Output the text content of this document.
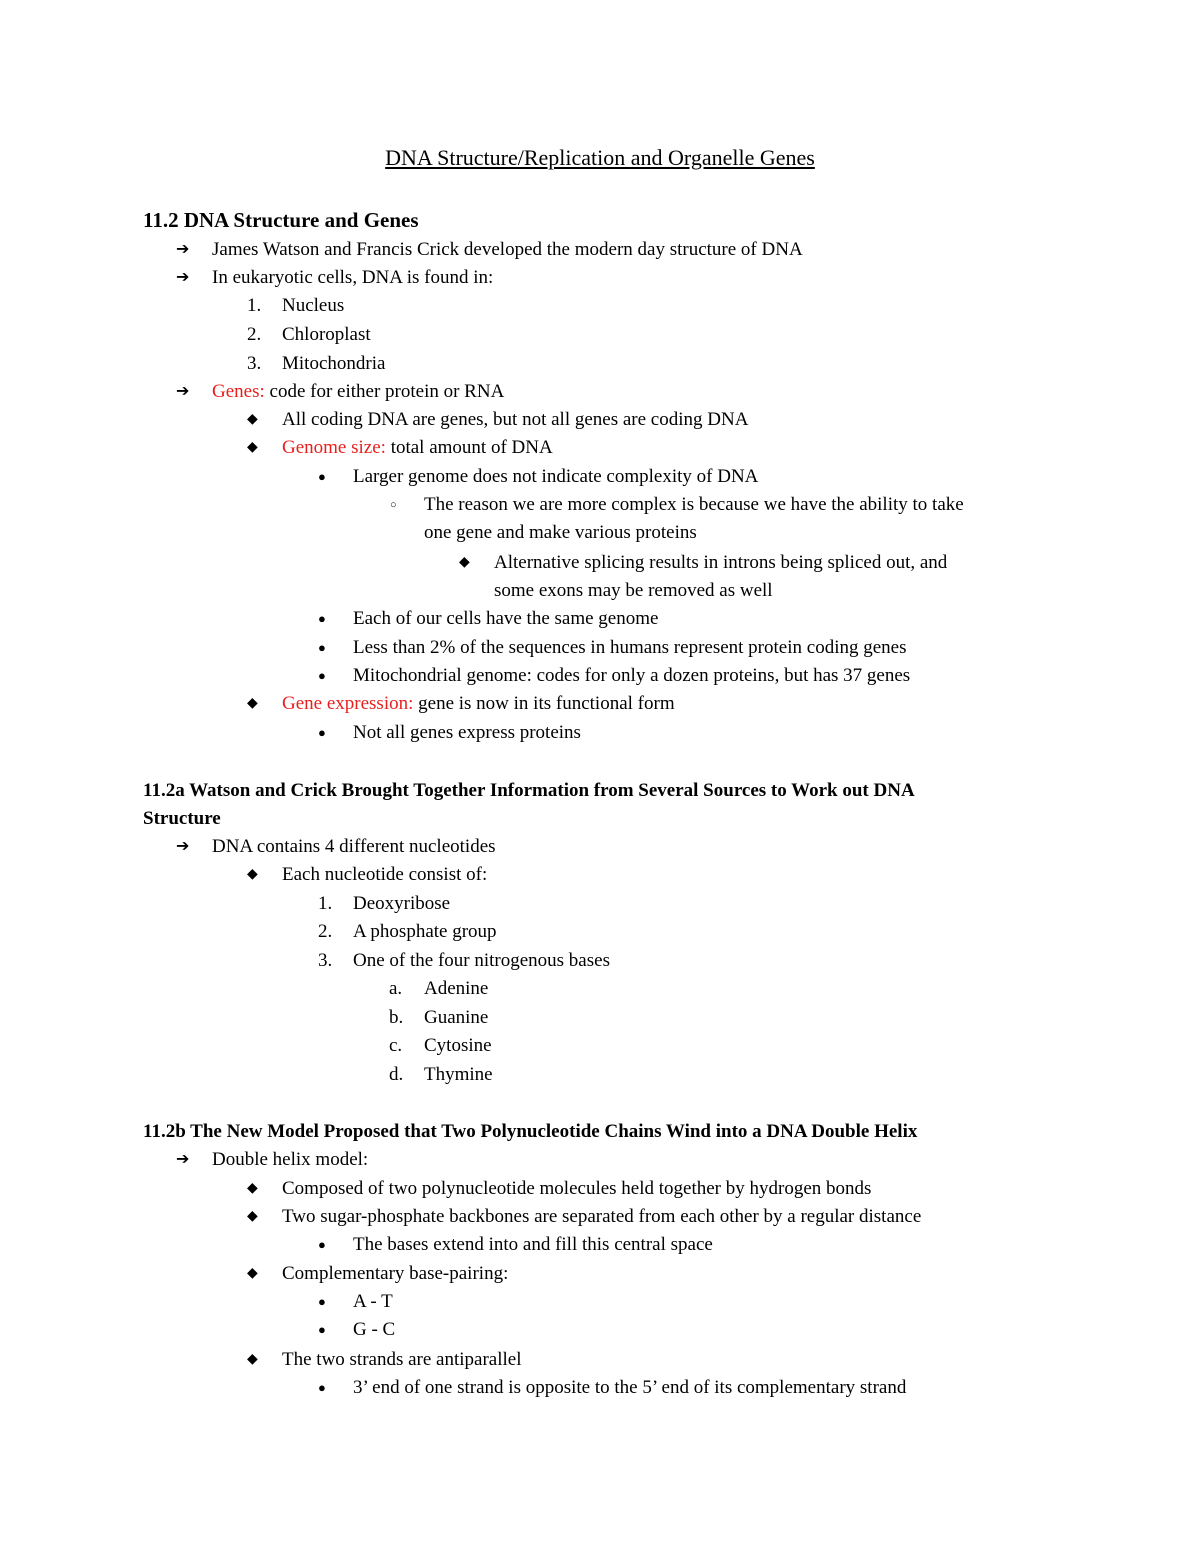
DNA Structure/Replication and Organelle Genes
11.2 DNA Structure and Genes
➔ James Watson and Francis Crick developed the modern day structure of DNA
➔ In eukaryotic cells, DNA is found in:
1. Nucleus
2. Chloroplast
3. Mitochondria
➔ Genes: code for either protein or RNA
◆ All coding DNA are genes, but not all genes are coding DNA
◆ Genome size: total amount of DNA
● Larger genome does not indicate complexity of DNA
○ The reason we are more complex is because we have the ability to take
one gene and make various proteins
◆ Alternative splicing results in introns being spliced out, and
some exons may be removed as well
● Each of our cells have the same genome
● Less than 2% of the sequences in humans represent protein coding genes
● Mitochondrial genome: codes for only a dozen proteins, but has 37 genes
◆ Gene expression: gene is now in its functional form
● Not all genes express proteins
11.2a Watson and Crick Brought Together Information from Several Sources to Work out DNA
Structure
➔ DNA contains 4 different nucleotides
◆ Each nucleotide consist of:
1. Deoxyribose
2. A phosphate group
3. One of the four nitrogenous bases
a. Adenine
b. Guanine
c. Cytosine
d. Thymine
11.2b The New Model Proposed that Two Polynucleotide Chains Wind into a DNA Double Helix
➔ Double helix model:
◆ Composed of two polynucleotide molecules held together by hydrogen bonds
◆ Two sugar-phosphate backbones are separated from each other by a regular distance
● The bases extend into and fill this central space
◆ Complementary base-pairing:
● A - T
● G - C
◆ The two strands are antiparallel
● 3’ end of one strand is opposite to the 5’ end of its complementary strand
